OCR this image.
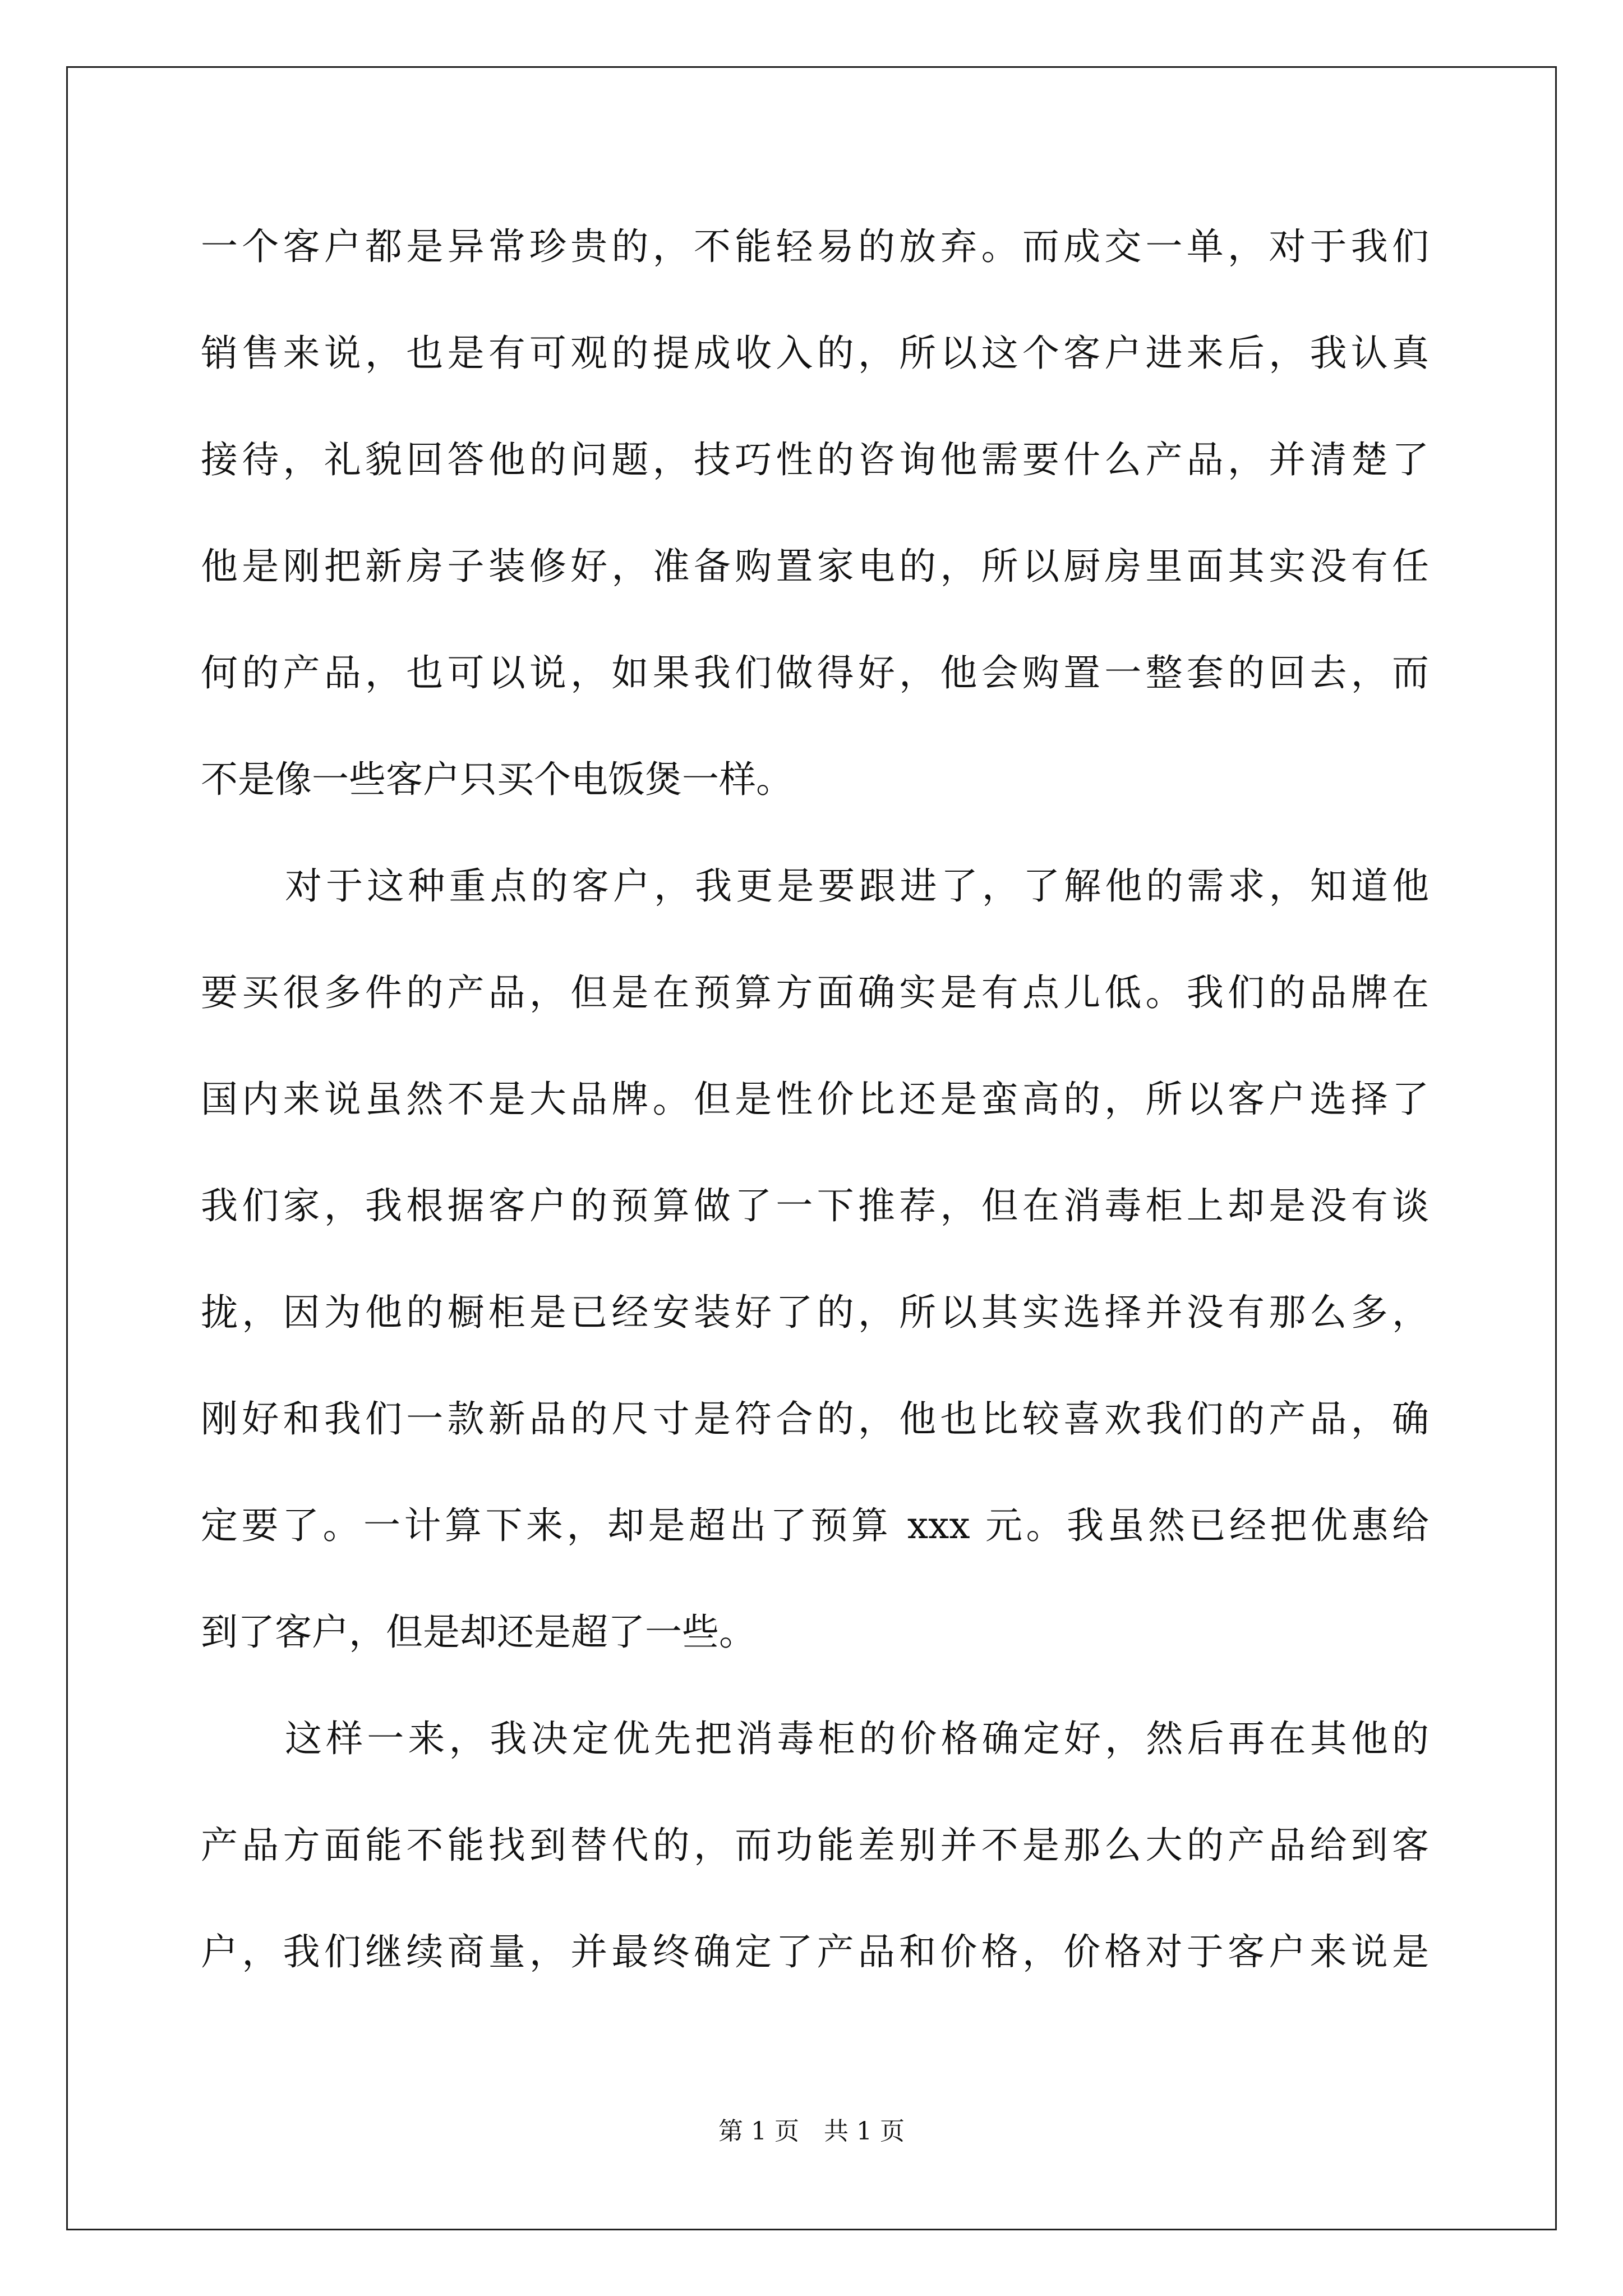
一个客户都是异常珍贵的，不能轻易的放弃。而成交一单，对于我们
销售来说，也是有可观的提成收入的，所以这个客户进来后，我认真
接待，礼貌回答他的问题，技巧性的咨询他需要什么产品，并清楚了
他是刚把新房子装修好，准备购置家电的，所以厨房里面其实没有任
何的产品，也可以说，如果我们做得好，他会购置一整套的回去，而
不是像一些客户只买个电饭煲一样。
对于这种重点的客户，我更是要跟进了，了解他的需求，知道他
要买很多件的产品，但是在预算方面确实是有点儿低。我们的品牌在
国内来说虽然不是大品牌。但是性价比还是蛮高的，所以客户选择了
我们家，我根据客户的预算做了一下推荐，但在消毒柜上却是没有谈
拢，因为他的橱柜是已经安装好了的，所以其实选择并没有那么多，
刚好和我们一款新品的尺寸是符合的，他也比较喜欢我们的产品，确
定要了。一计算下来，却是超出了预算 xxx 元。我虽然已经把优惠给
到了客户，但是却还是超了一些。
这样一来，我决定优先把消毒柜的价格确定好，然后再在其他的
产品方面能不能找到替代的，而功能差别并不是那么大的产品给到客
户，我们继续商量，并最终确定了产品和价格，价格对于客户来说是
第 1 页　共 1 页
